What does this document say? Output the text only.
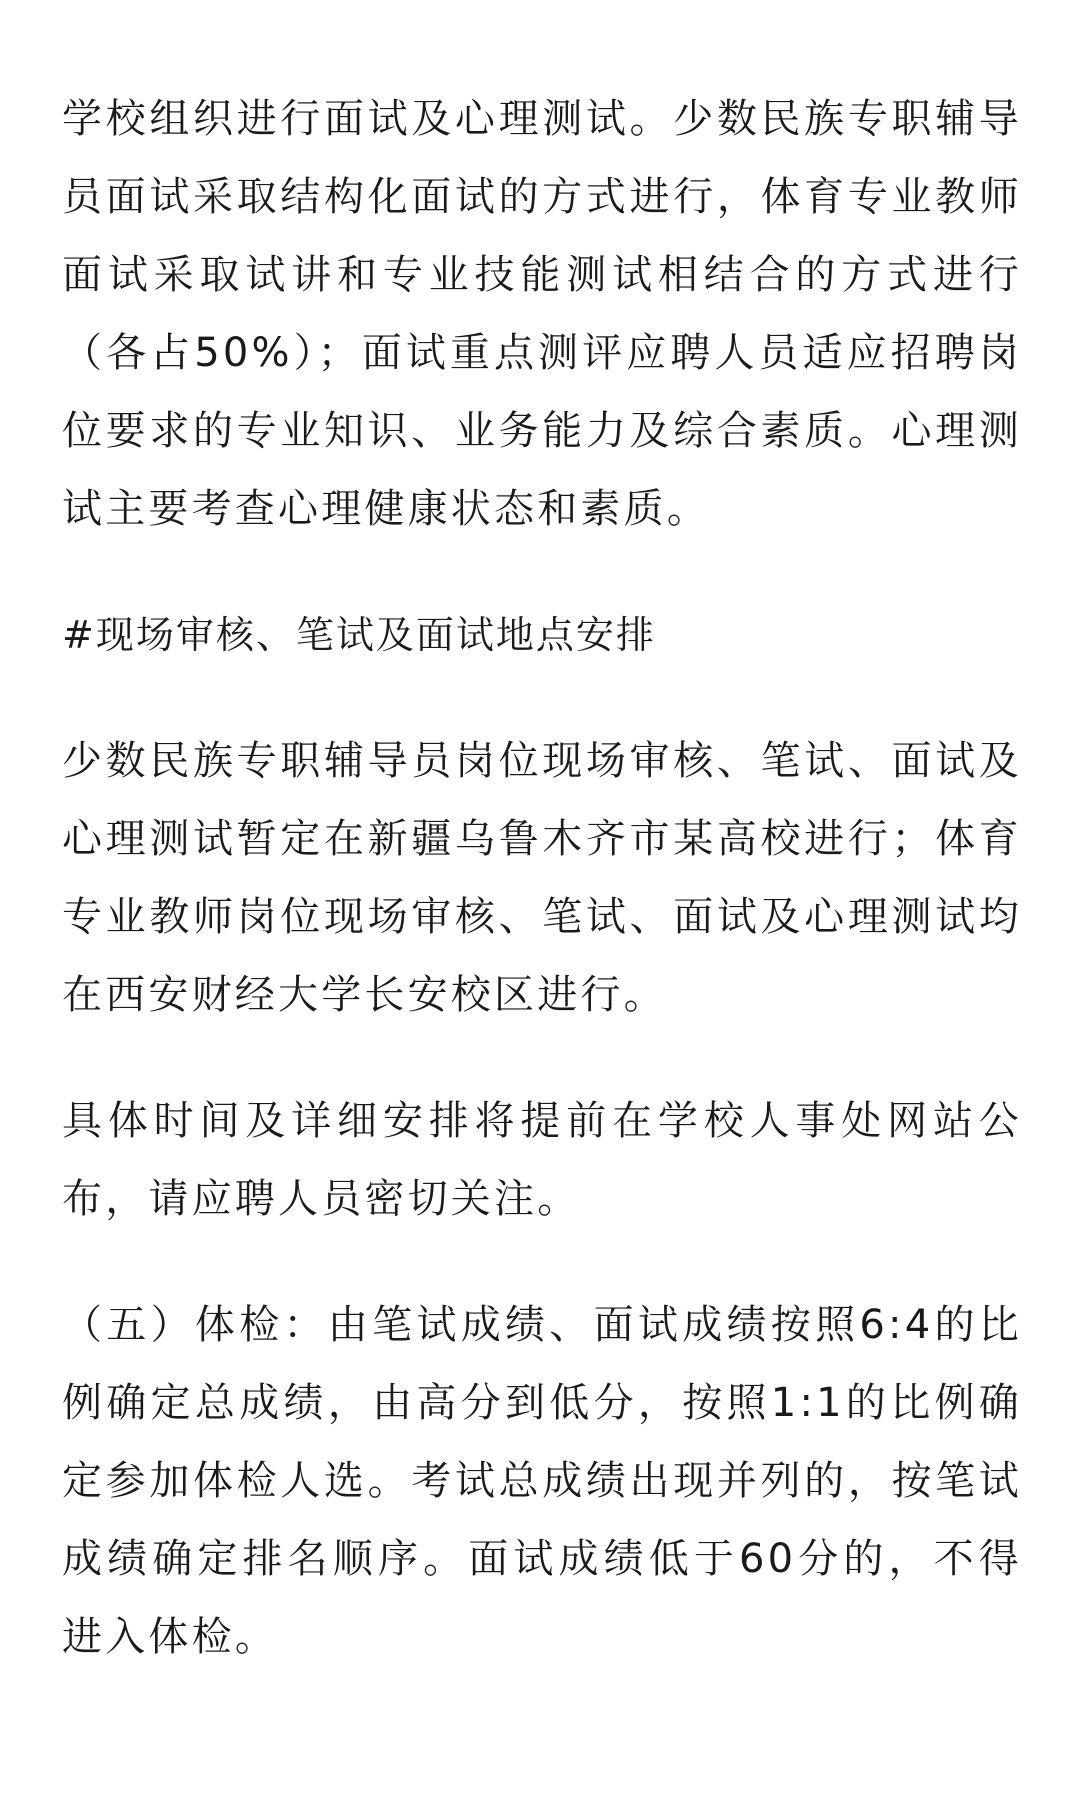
学校组织进行面试及心理测试。少数民族专职辅导员面试采取结构化面试的方式进行，体育专业教师面试采取试讲和专业技能测试相结合的方式进行（各占50%）；面试重点测评应聘人员适应招聘岗位要求的专业知识、业务能力及综合素质。心理测试主要考查心理健康状态和素质。

#现场审核、笔试及面试地点安排

少数民族专职辅导员岗位现场审核、笔试、面试及心理测试暂定在新疆乌鲁木齐市某高校进行；体育专业教师岗位现场审核、笔试、面试及心理测试均在西安财经大学长安校区进行。

具体时间及详细安排将提前在学校人事处网站公布，请应聘人员密切关注。

（五）体检：由笔试成绩、面试成绩按照6:4的比例确定总成绩，由高分到低分，按照1:1的比例确定参加体检人选。考试总成绩出现并列的，按笔试成绩确定排名顺序。面试成绩低于60分的，不得进入体检。
